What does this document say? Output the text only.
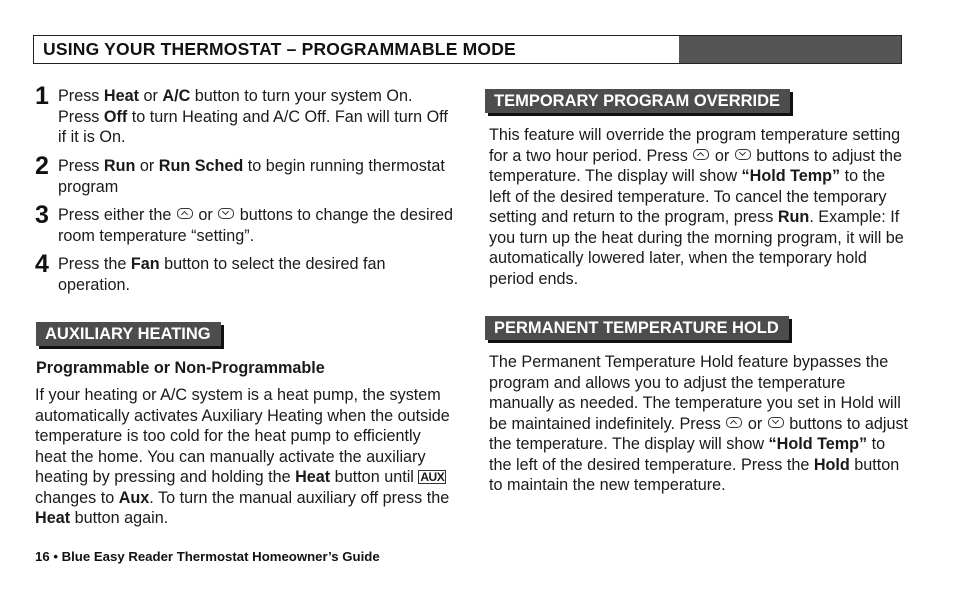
USING YOUR THERMOSTAT – PROGRAMMABLE MODE
1 Press Heat or A/C button to turn your system On. Press Off to turn Heating and A/C Off. Fan will turn Off if it is On.
2 Press Run or Run Sched to begin running thermostat program
3 Press either the  or  buttons to change the desired room temperature “setting”.
4 Press the Fan button to select the desired fan operation.
AUXILIARY HEATING
Programmable or Non-Programmable
If your heating or A/C system is a heat pump, the system automatically activates Auxiliary Heating when the outside temperature is too cold for the heat pump to efficiently heat the home. You can manually activate the auxiliary heating by pressing and holding the Heat button until AUX changes to Aux. To turn the manual auxiliary off press the Heat button again.
TEMPORARY PROGRAM OVERRIDE
This feature will override the program temperature setting for a two hour period. Press  or  buttons to adjust the temperature. The display will show “Hold Temp” to the left of the desired temperature. To cancel the temporary setting and return to the program, press Run. Example: If you turn up the heat during the morning program, it will be automatically lowered later, when the temporary hold period ends.
PERMANENT TEMPERATURE HOLD
The Permanent Temperature Hold feature bypasses the program and allows you to adjust the temperature manually as needed. The temperature you set in Hold will be maintained indefinitely. Press  or  buttons to adjust the temperature. The display will show “Hold Temp” to the left of the desired temperature. Press the Hold button to maintain the new temperature.
16 • Blue Easy Reader Thermostat Homeowner’s Guide
